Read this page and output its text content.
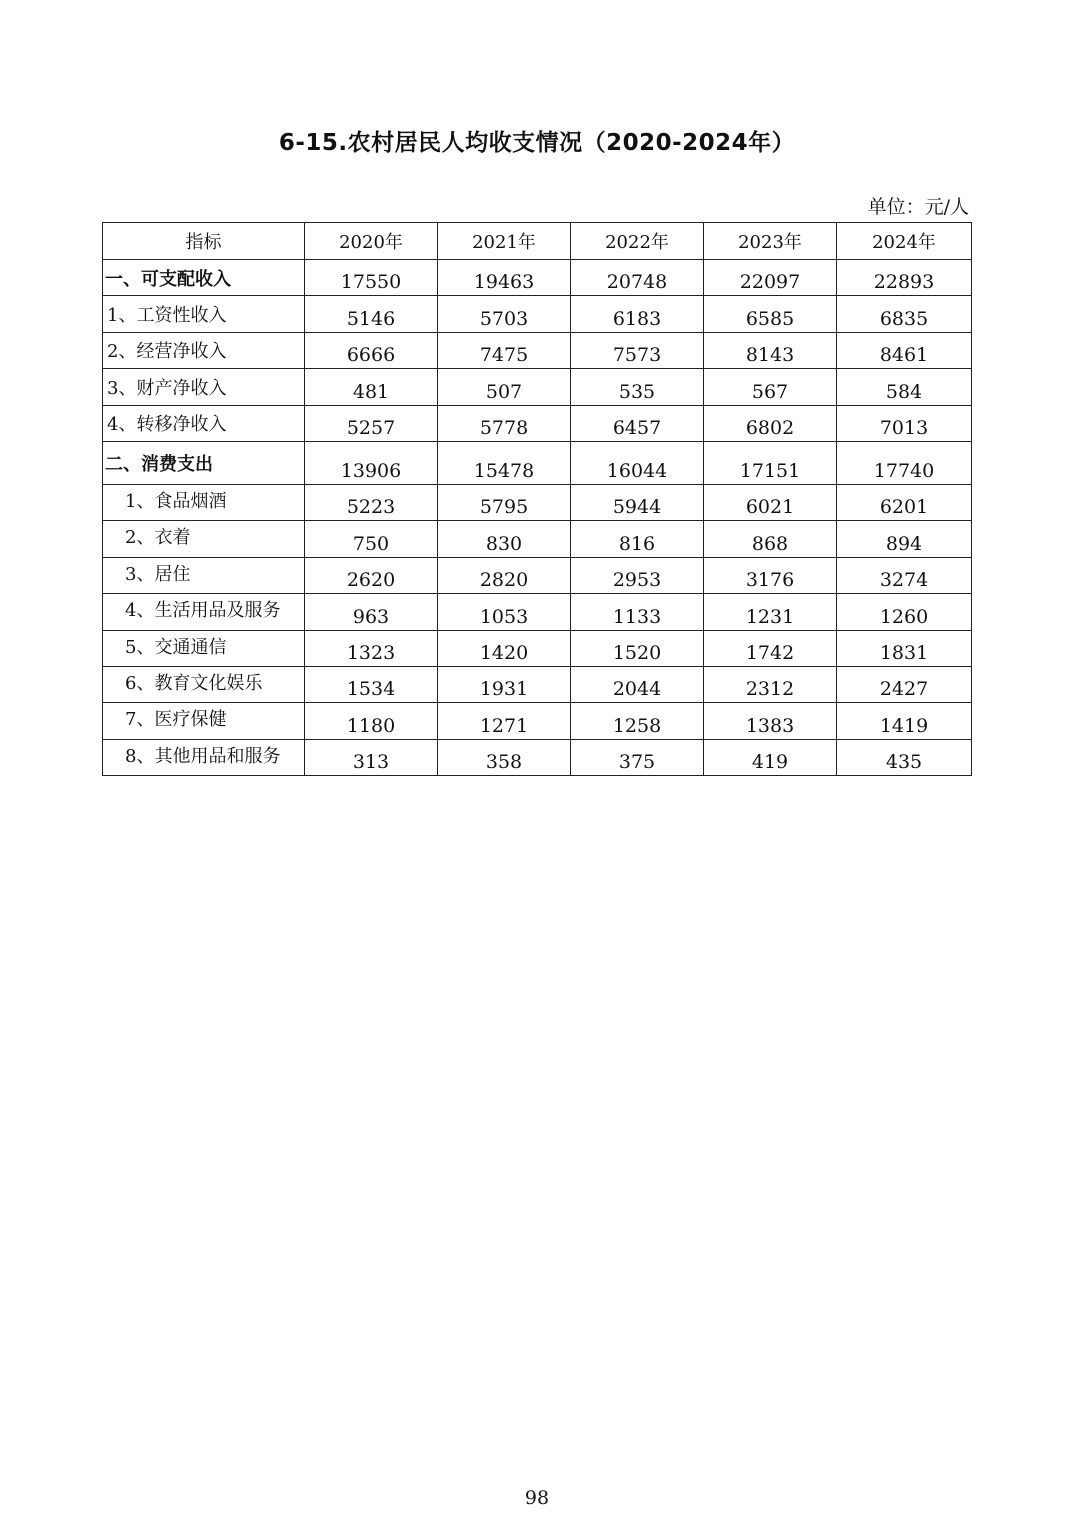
6-15.农村居民人均收支情况（2020-2024年）
单位：元/人
指标	2020年	2021年	2022年	2023年	2024年
一、可支配收入	17550	19463	20748	22097	22893
1、工资性收入	5146	5703	6183	6585	6835
2、经营净收入	6666	7475	7573	8143	8461
3、财产净收入	481	507	535	567	584
4、转移净收入	5257	5778	6457	6802	7013
二、消费支出	13906	15478	16044	17151	17740
1、食品烟酒	5223	5795	5944	6021	6201
2、衣着	750	830	816	868	894
3、居住	2620	2820	2953	3176	3274
4、生活用品及服务	963	1053	1133	1231	1260
5、交通通信	1323	1420	1520	1742	1831
6、教育文化娱乐	1534	1931	2044	2312	2427
7、医疗保健	1180	1271	1258	1383	1419
8、其他用品和服务	313	358	375	419	435
98
